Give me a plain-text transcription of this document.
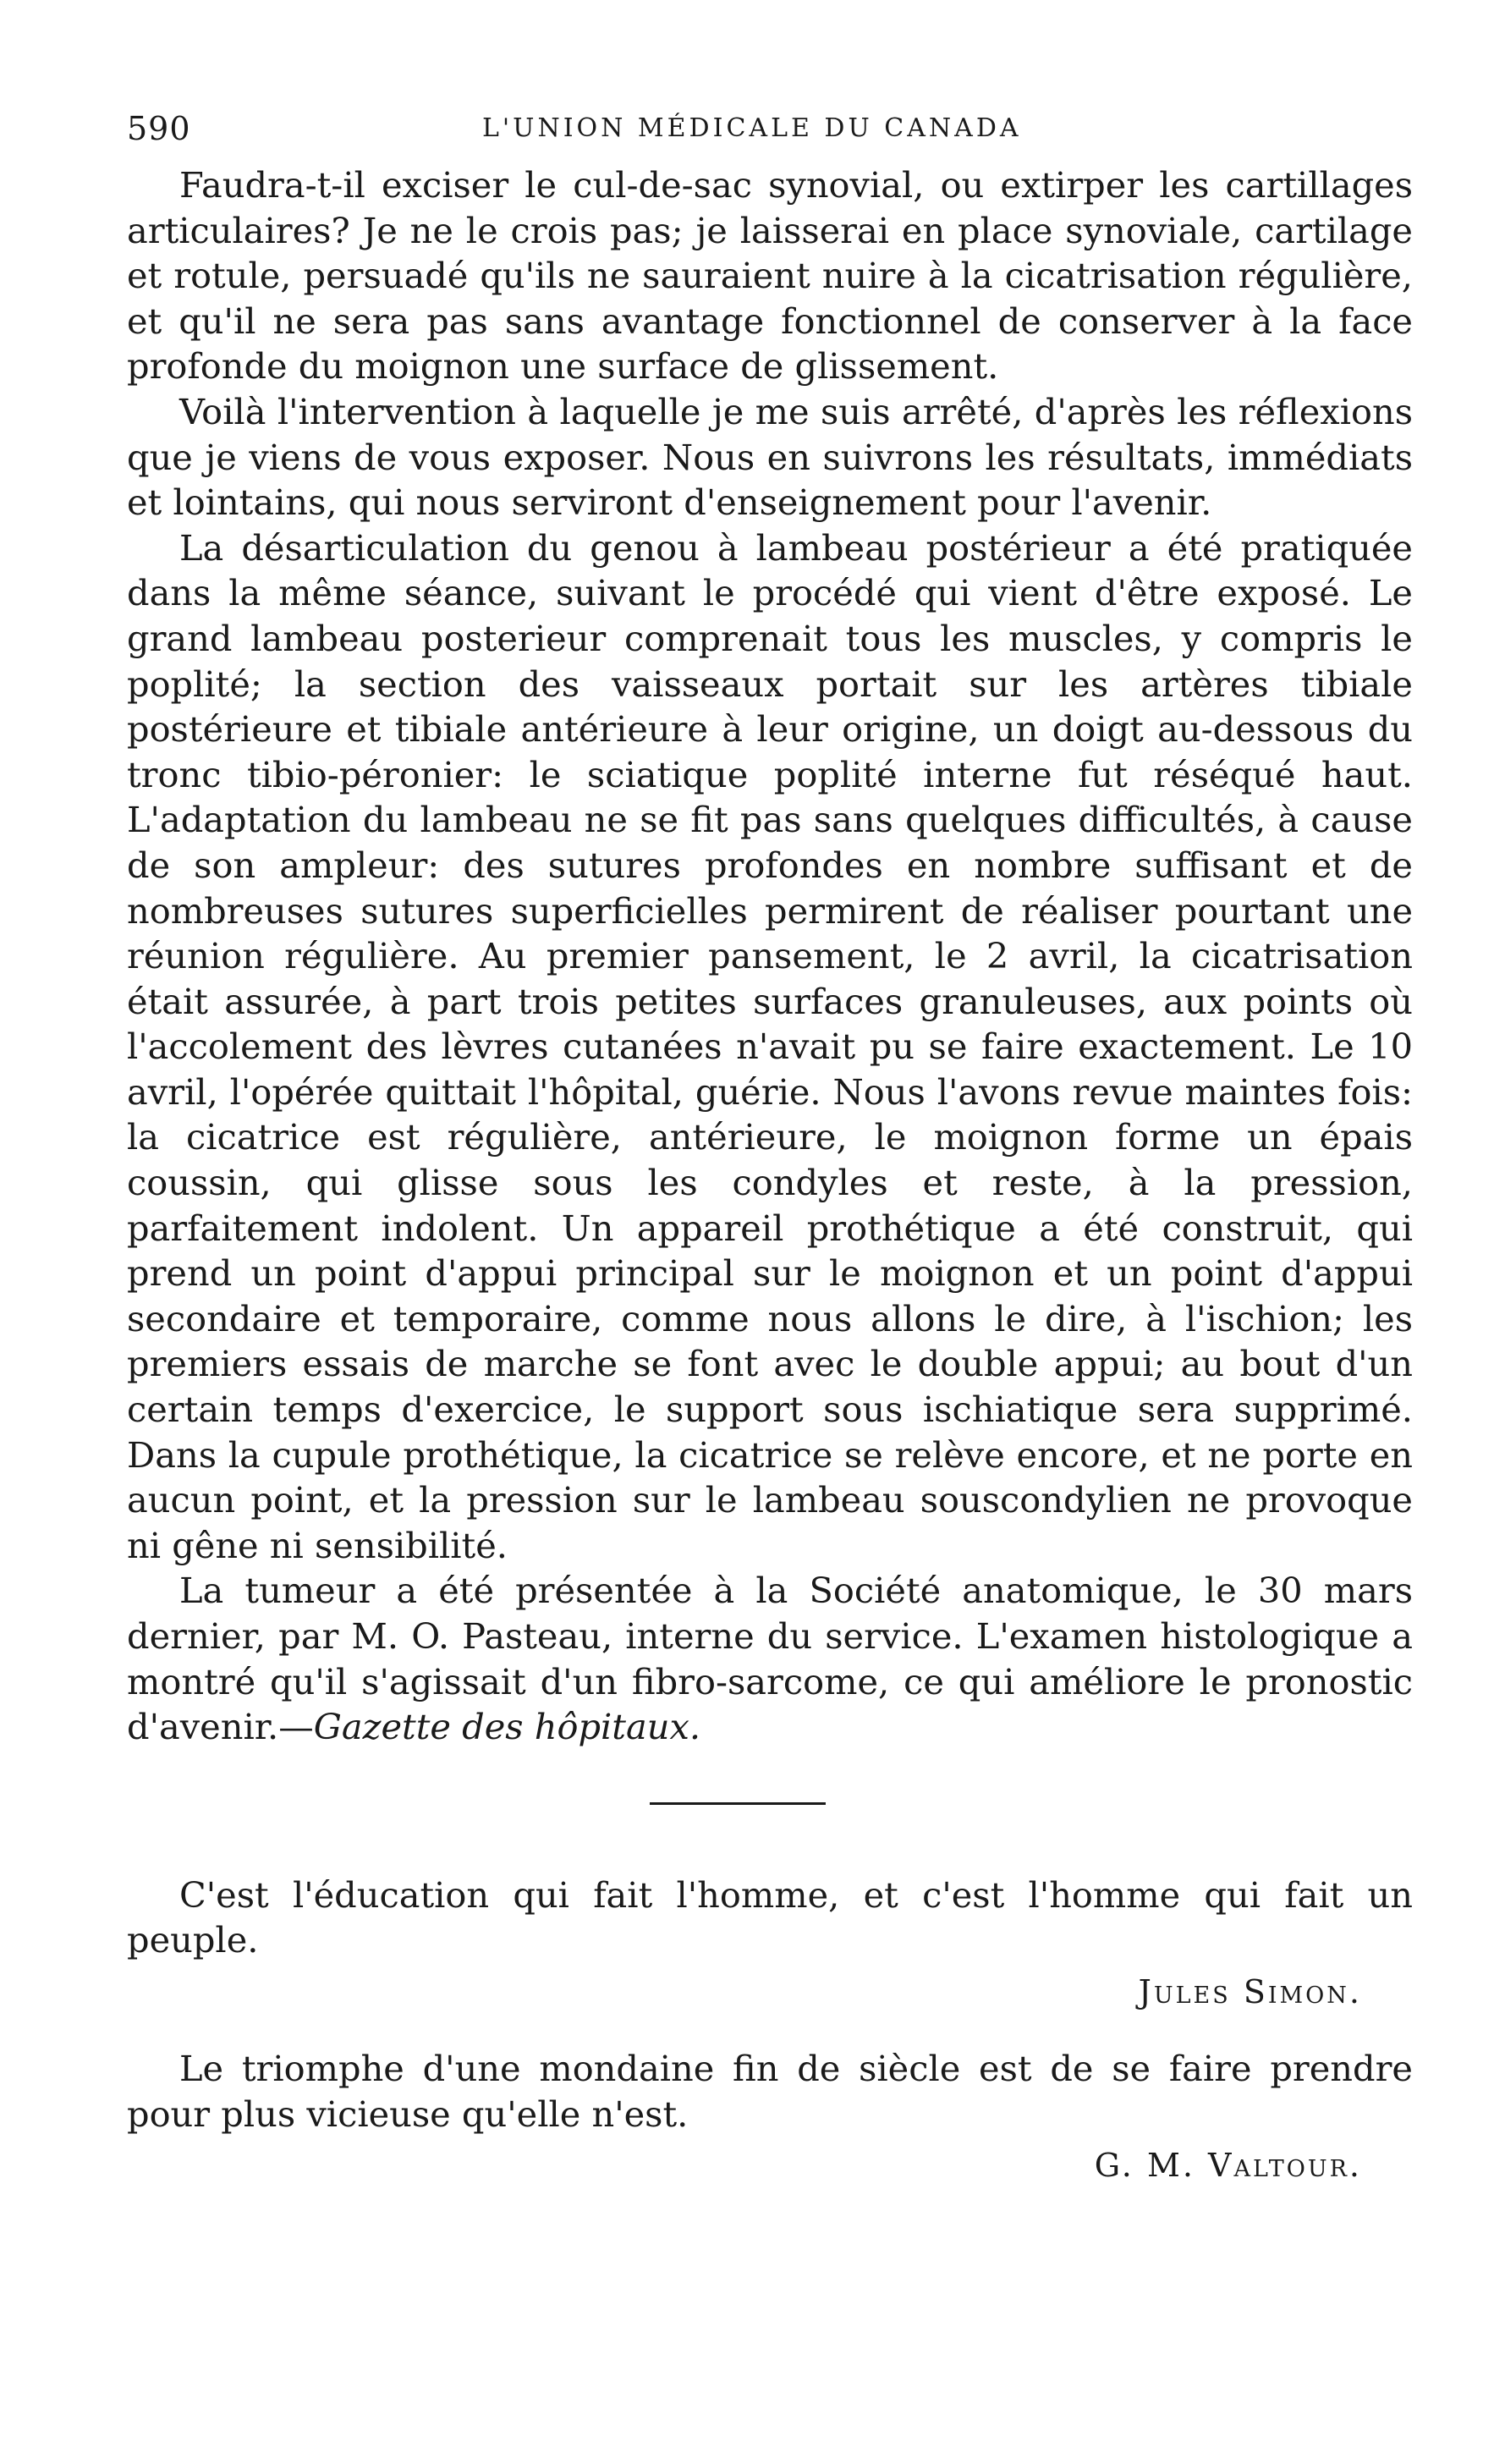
590	L'UNION MÉDICALE DU CANADA

Faudra-t-il exciser le cul-de-sac synovial, ou extirper les cartillages articulaires? Je ne le crois pas; je laisserai en place synoviale, cartilage et rotule, persuadé qu'ils ne sauraient nuire à la cicatrisation régulière, et qu'il ne sera pas sans avantage fonctionnel de conserver à la face profonde du moignon une surface de glissement.

Voilà l'intervention à laquelle je me suis arrêté, d'après les réflexions que je viens de vous exposer. Nous en suivrons les résultats, immédiats et lointains, qui nous serviront d'enseignement pour l'avenir.

La désarticulation du genou à lambeau postérieur a été pratiquée dans la même séance, suivant le procédé qui vient d'être exposé. Le grand lambeau posterieur comprenait tous les muscles, y compris le poplité; la section des vaisseaux portait sur les artères tibiale postérieure et tibiale antérieure à leur origine, un doigt au-dessous du tronc tibio-péronier: le sciatique poplité interne fut réséqué haut. L'adaptation du lambeau ne se fit pas sans quelques difficultés, à cause de son ampleur: des sutures profondes en nombre suffisant et de nombreuses sutures superficielles permirent de réaliser pourtant une réunion régulière. Au premier pansement, le 2 avril, la cicatrisation était assurée, à part trois petites surfaces granuleuses, aux points où l'accolement des lèvres cutanées n'avait pu se faire exactement. Le 10 avril, l'opérée quittait l'hôpital, guérie. Nous l'avons revue maintes fois: la cicatrice est régulière, antérieure, le moignon forme un épais coussin, qui glisse sous les condyles et reste, à la pression, parfaitement indolent. Un appareil prothétique a été construit, qui prend un point d'appui principal sur le moignon et un point d'appui secondaire et temporaire, comme nous allons le dire, à l'ischion; les premiers essais de marche se font avec le double appui; au bout d'un certain temps d'exercice, le support sous ischiatique sera supprimé. Dans la cupule prothétique, la cicatrice se relève encore, et ne porte en aucun point, et la pression sur le lambeau souscondylien ne provoque ni gêne ni sensibilité.

La tumeur a été présentée à la Société anatomique, le 30 mars dernier, par M. O. Pasteau, interne du service. L'examen histologique a montré qu'il s'agissait d'un fibro-sarcome, ce qui améliore le pronostic d'avenir.—Gazette des hôpitaux.

C'est l'éducation qui fait l'homme, et c'est l'homme qui fait un peuple.

Jules Simon.

Le triomphe d'une mondaine fin de siècle est de se faire prendre pour plus vicieuse qu'elle n'est.

G. M. Valtour.
